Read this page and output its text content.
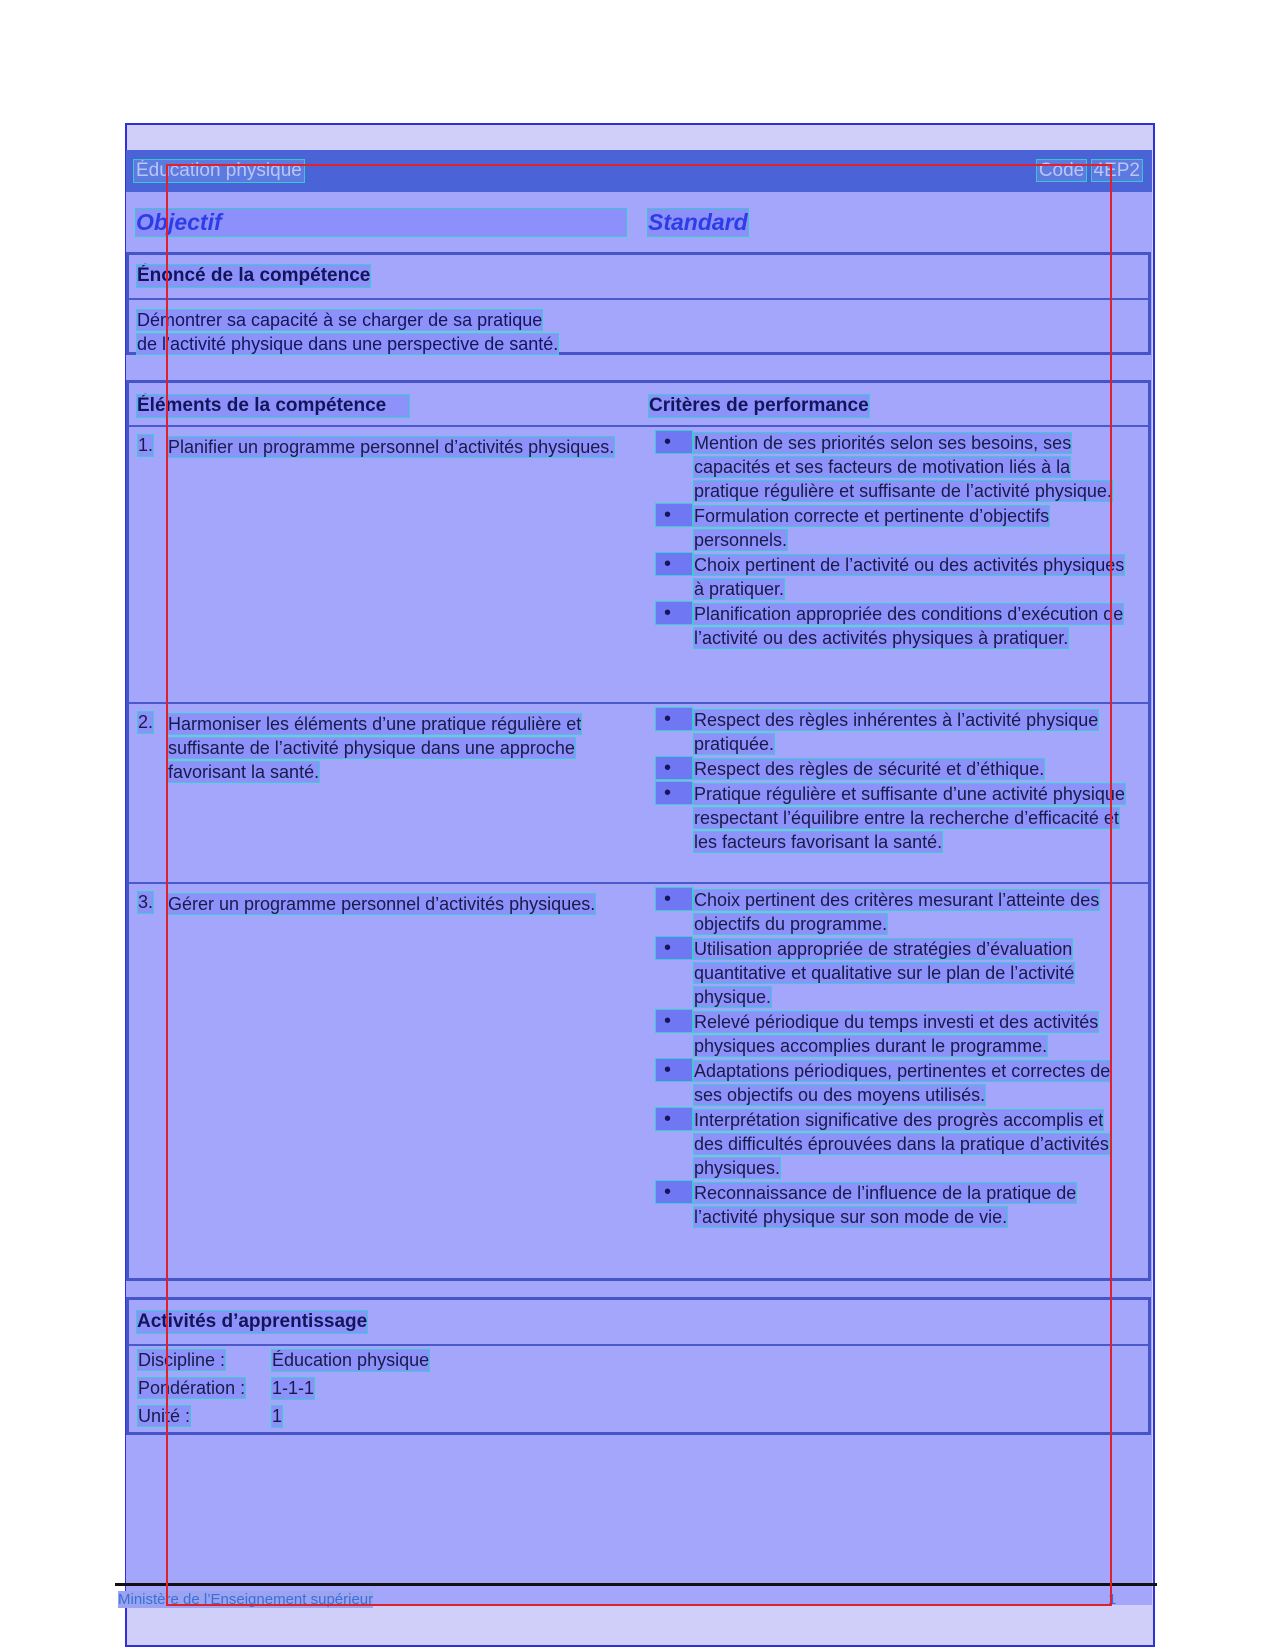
Éducation physique	Code 4EP2
Objectif	Standard
Énoncé de la compétence
Démontrer sa capacité à se charger de sa pratique
de l’activité physique dans une perspective de santé.
Éléments de la compétence	Critères de performance
1. Planifier un programme personnel d’activités physiques.	• Mention de ses priorités selon ses besoins, ses capacités et ses facteurs de motivation liés à la pratique régulière et suffisante de l’activité physique.
• Formulation correcte et pertinente d’objectifs personnels.
• Choix pertinent de l’activité ou des activités physiques à pratiquer.
• Planification appropriée des conditions d’exécution de l’activité ou des activités physiques à pratiquer.
2. Harmoniser les éléments d’une pratique régulière et suffisante de l’activité physique dans une approche favorisant la santé.
• Respect des règles inhérentes à l’activité physique pratiquée.
• Respect des règles de sécurité et d’éthique.
• Pratique régulière et suffisante d’une activité physique respectant l’équilibre entre la recherche d’efficacité et les facteurs favorisant la santé.
3. Gérer un programme personnel d’activités physiques.	• Choix pertinent des critères mesurant l’atteinte des objectifs du programme.
• Utilisation appropriée de stratégies d’évaluation quantitative et qualitative sur le plan de l’activité physique.
• Relevé périodique du temps investi et des activités physiques accomplies durant le programme.
• Adaptations périodiques, pertinentes et correctes de ses objectifs ou des moyens utilisés.
• Interprétation significative des progrès accomplis et des difficultés éprouvées dans la pratique d’activités physiques.
• Reconnaissance de l’influence de la pratique de l’activité physique sur son mode de vie.
Activités d’apprentissage
Discipline :	Éducation physique
Pondération :	1-1-1
Unité :	1
Ministère de l’Enseignement supérieur	1
